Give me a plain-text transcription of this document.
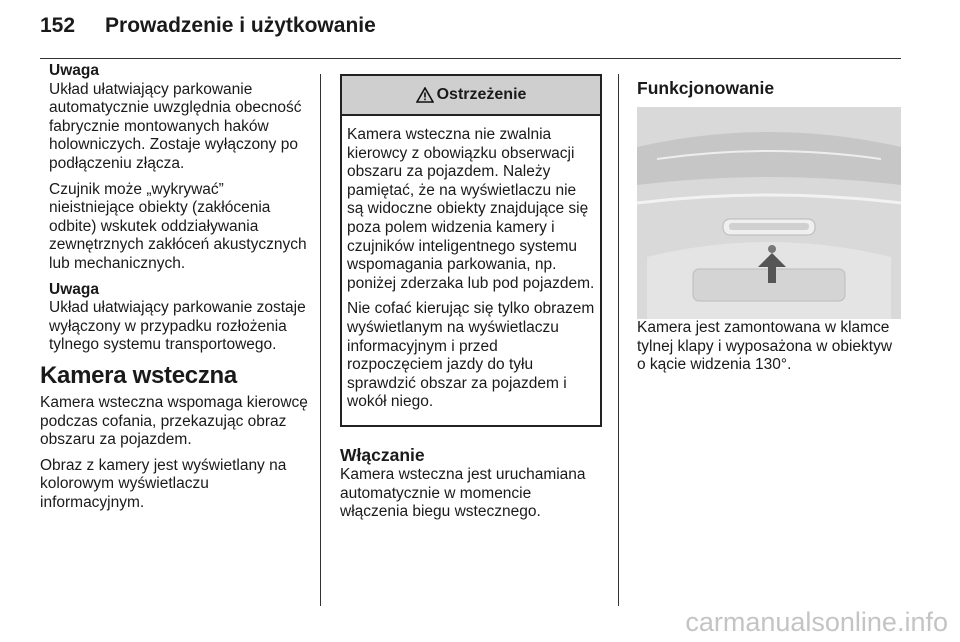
152 Prowadzenie i użytkowanie
Uwaga

Układ ułatwiający parkowanie automatycznie uwzględnia obecność fabrycznie montowanych haków holowniczych. Zostaje wyłączony po podłączeniu złącza.

Czujnik może „wykrywać” nieistniejące obiekty (zakłócenia odbite) wskutek oddziaływania zewnętrznych zakłóceń akustycznych lub mechanicznych.

Uwaga

Układ ułatwiający parkowanie zostaje wyłączony w przypadku rozłożenia tylnego systemu transportowego.

Kamera wsteczna

Kamera wsteczna wspomaga kierowcę podczas cofania, przekazując obraz obszaru za pojazdem.

Obraz z kamery jest wyświetlany na kolorowym wyświetlaczu informacyjnym.

Ostrzeżenie

Kamera wsteczna nie zwalnia kierowcy z obowiązku obserwacji obszaru za pojazdem. Należy pamiętać, że na wyświetlaczu nie są widoczne obiekty znajdujące się poza polem widzenia kamery i czujników inteligentnego systemu wspomagania parkowania, np. poniżej zderzaka lub pod pojazdem.

Nie cofać kierując się tylko obrazem wyświetlanym na wyświetlaczu informacyjnym i przed rozpoczęciem jazdy do tyłu sprawdzić obszar za pojazdem i wokół niego.

Włączanie

Kamera wsteczna jest uruchamiana automatycznie w momencie włączenia biegu wstecznego.

Funkcjonowanie

Kamera jest zamontowana w klamce tylnej klapy i wyposażona w obiektyw o kącie widzenia 130°.

carmanualsonline.info
